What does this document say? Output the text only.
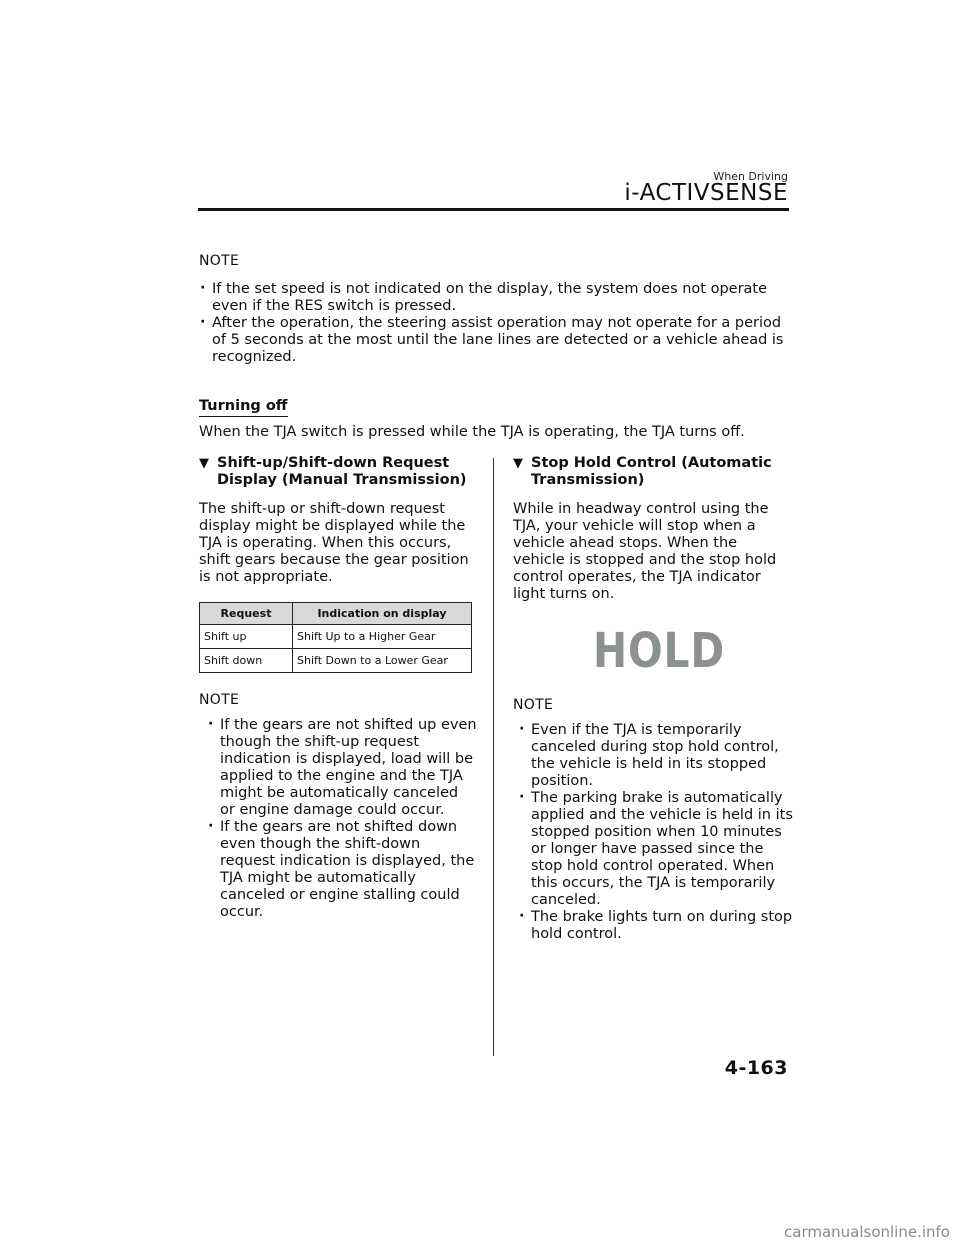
When Driving
i-ACTIVSENSE
NOTE
· If the set speed is not indicated on the display, the system does not operate even if the RES switch is pressed.
· After the operation, the steering assist operation may not operate for a period of 5 seconds at the most until the lane lines are detected or a vehicle ahead is recognized.
Turning off
When the TJA switch is pressed while the TJA is operating, the TJA turns off.
▼ Shift-up/Shift-down Request Display (Manual Transmission)
The shift-up or shift-down request display might be displayed while the TJA is operating. When this occurs, shift gears because the gear position is not appropriate.
Request	Indication on display
Shift up	Shift Up to a Higher Gear
Shift down	Shift Down to a Lower Gear
NOTE
· If the gears are not shifted up even though the shift-up request indication is displayed, load will be applied to the engine and the TJA might be automatically canceled or engine damage could occur.
· If the gears are not shifted down even though the shift-down request indication is displayed, the TJA might be automatically canceled or engine stalling could occur.
▼ Stop Hold Control (Automatic Transmission)
While in headway control using the TJA, your vehicle will stop when a vehicle ahead stops. When the vehicle is stopped and the stop hold control operates, the TJA indicator light turns on.
HOLD
NOTE
· Even if the TJA is temporarily canceled during stop hold control, the vehicle is held in its stopped position.
· The parking brake is automatically applied and the vehicle is held in its stopped position when 10 minutes or longer have passed since the stop hold control operated. When this occurs, the TJA is temporarily canceled.
· The brake lights turn on during stop hold control.
4-163
carmanualsonline.info
